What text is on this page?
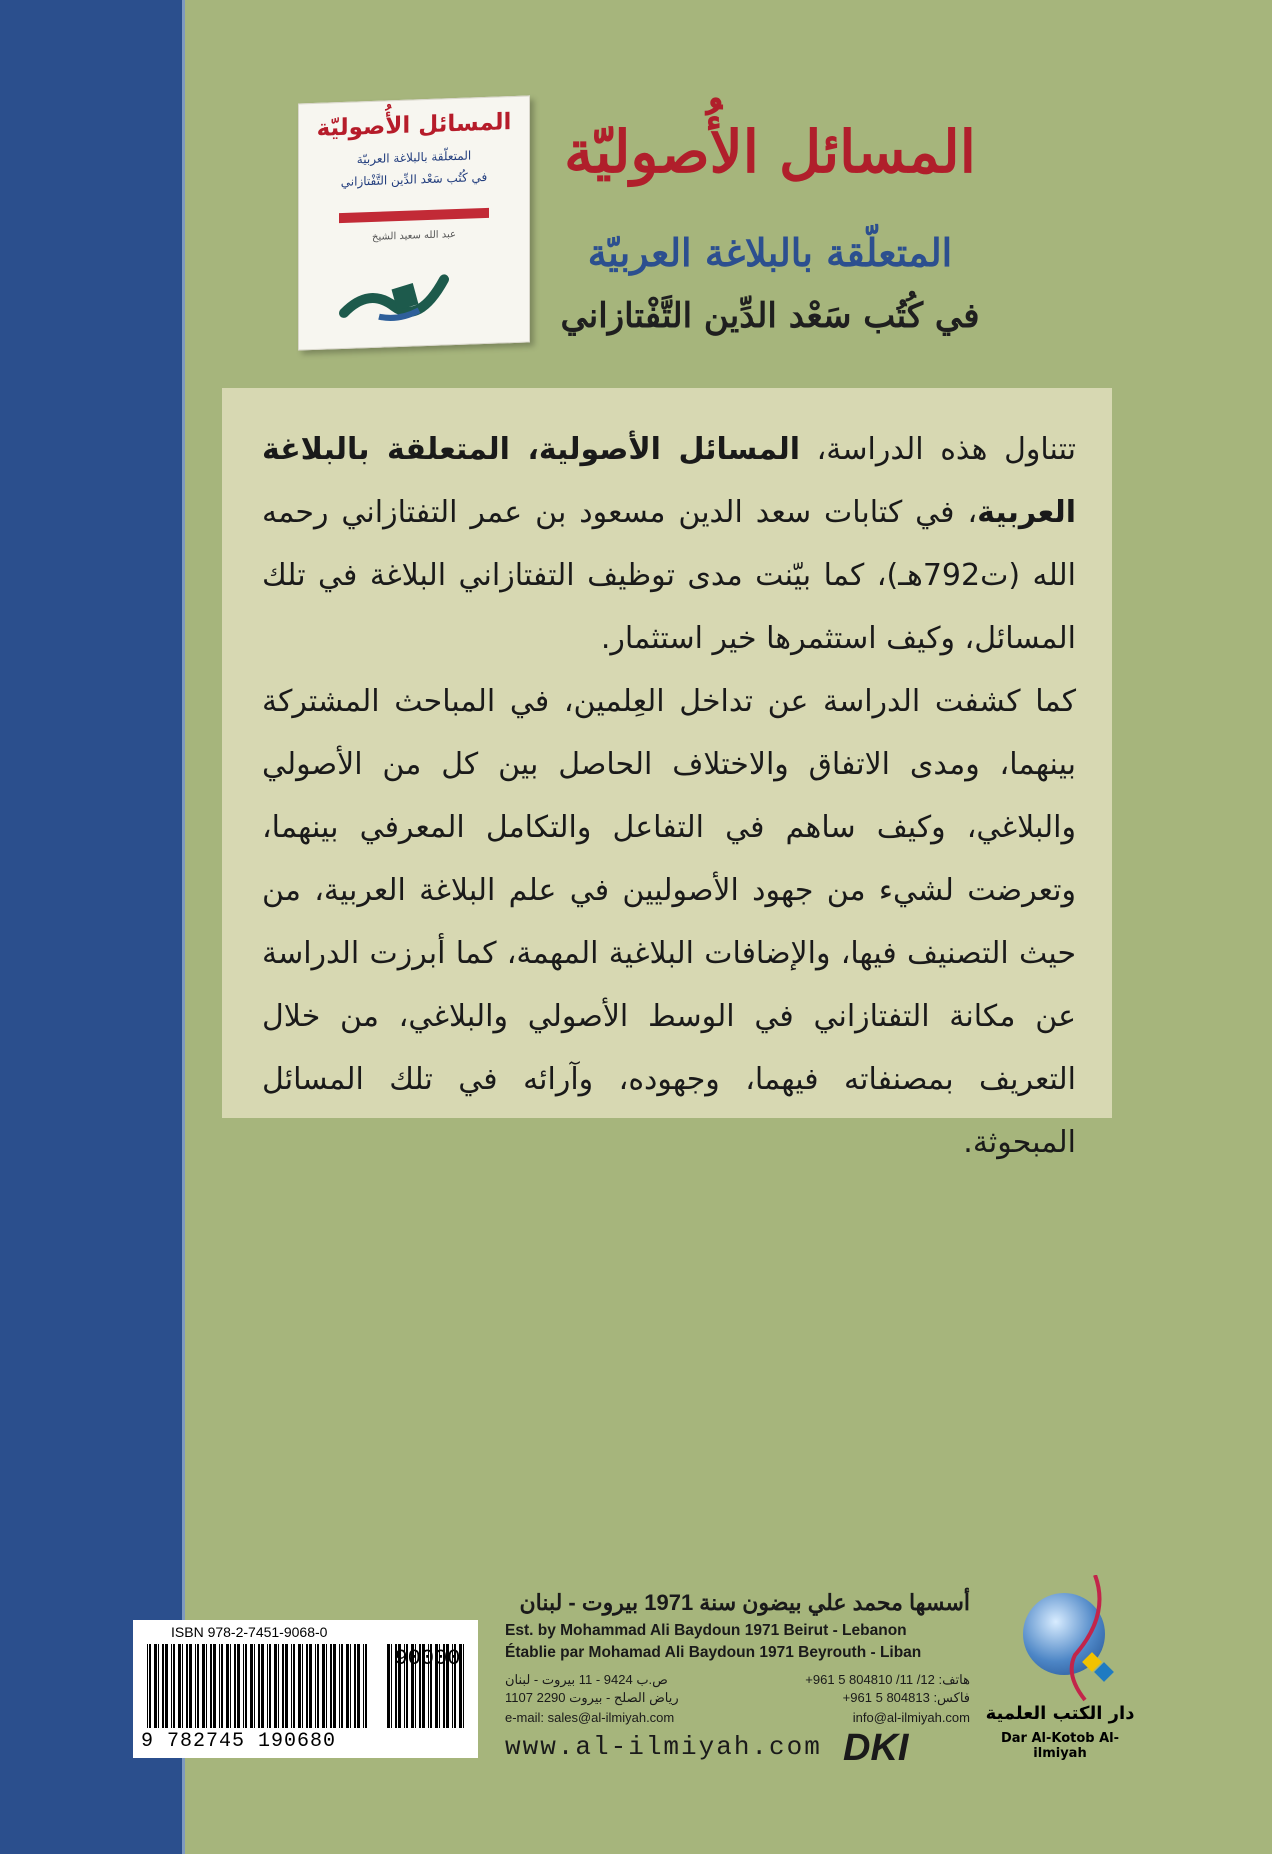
المسائل الأُصوليّة
المتعلّقة بالبلاغة العربيّة
في كُتُب سَعْد الدِّين التَّفْتازاني
عبد الله سعيد الشيخ
المسائل الأُصوليّة
المتعلّقة بالبلاغة العربيّة
في كُتُب سَعْد الدِّين التَّفْتازاني

تتناول هذه الدراسة، المسائل الأصولية، المتعلقة بالبلاغة العربية، في كتابات سعد الدين مسعود بن عمر التفتازاني رحمه الله (ت792هـ)، كما بيّنت مدى توظيف التفتازاني البلاغة في تلك المسائل، وكيف استثمرها خير استثمار.

كما كشفت الدراسة عن تداخل العِلمين، في المباحث المشتركة بينهما، ومدى الاتفاق والاختلاف الحاصل بين كل من الأصولي والبلاغي، وكيف ساهم في التفاعل والتكامل المعرفي بينهما، وتعرضت لشيء من جهود الأصوليين في علم البلاغة العربية، من حيث التصنيف فيها، والإضافات البلاغية المهمة، كما أبرزت الدراسة عن مكانة التفتازاني في الوسط الأصولي والبلاغي، من خلال التعريف بمصنفاته فيهما، وجهوده، وآرائه في تلك المسائل المبحوثة.

ISBN 978-2-7451-9068-0
90000
9 782745 190680
أسسها محمد علي بيضون سنة 1971 بيروت - لبنان
Est. by Mohammad Ali Baydoun 1971 Beirut - Lebanon
Établie par Mohamad Ali Baydoun 1971 Beyrouth - Liban
هاتف: 12/ 11/ 804810 5 961+
فاكس: 804813 5 961+
ص.ب 9424 - 11 بيروت - لبنان
رياض الصلح - بيروت 2290 1107
e-mail: sales@al-ilmiyah.com	info@al-ilmiyah.com
www.al-ilmiyah.com DKI
دار الكتب العلمية
Dar Al-Kotob Al-ilmiyah
